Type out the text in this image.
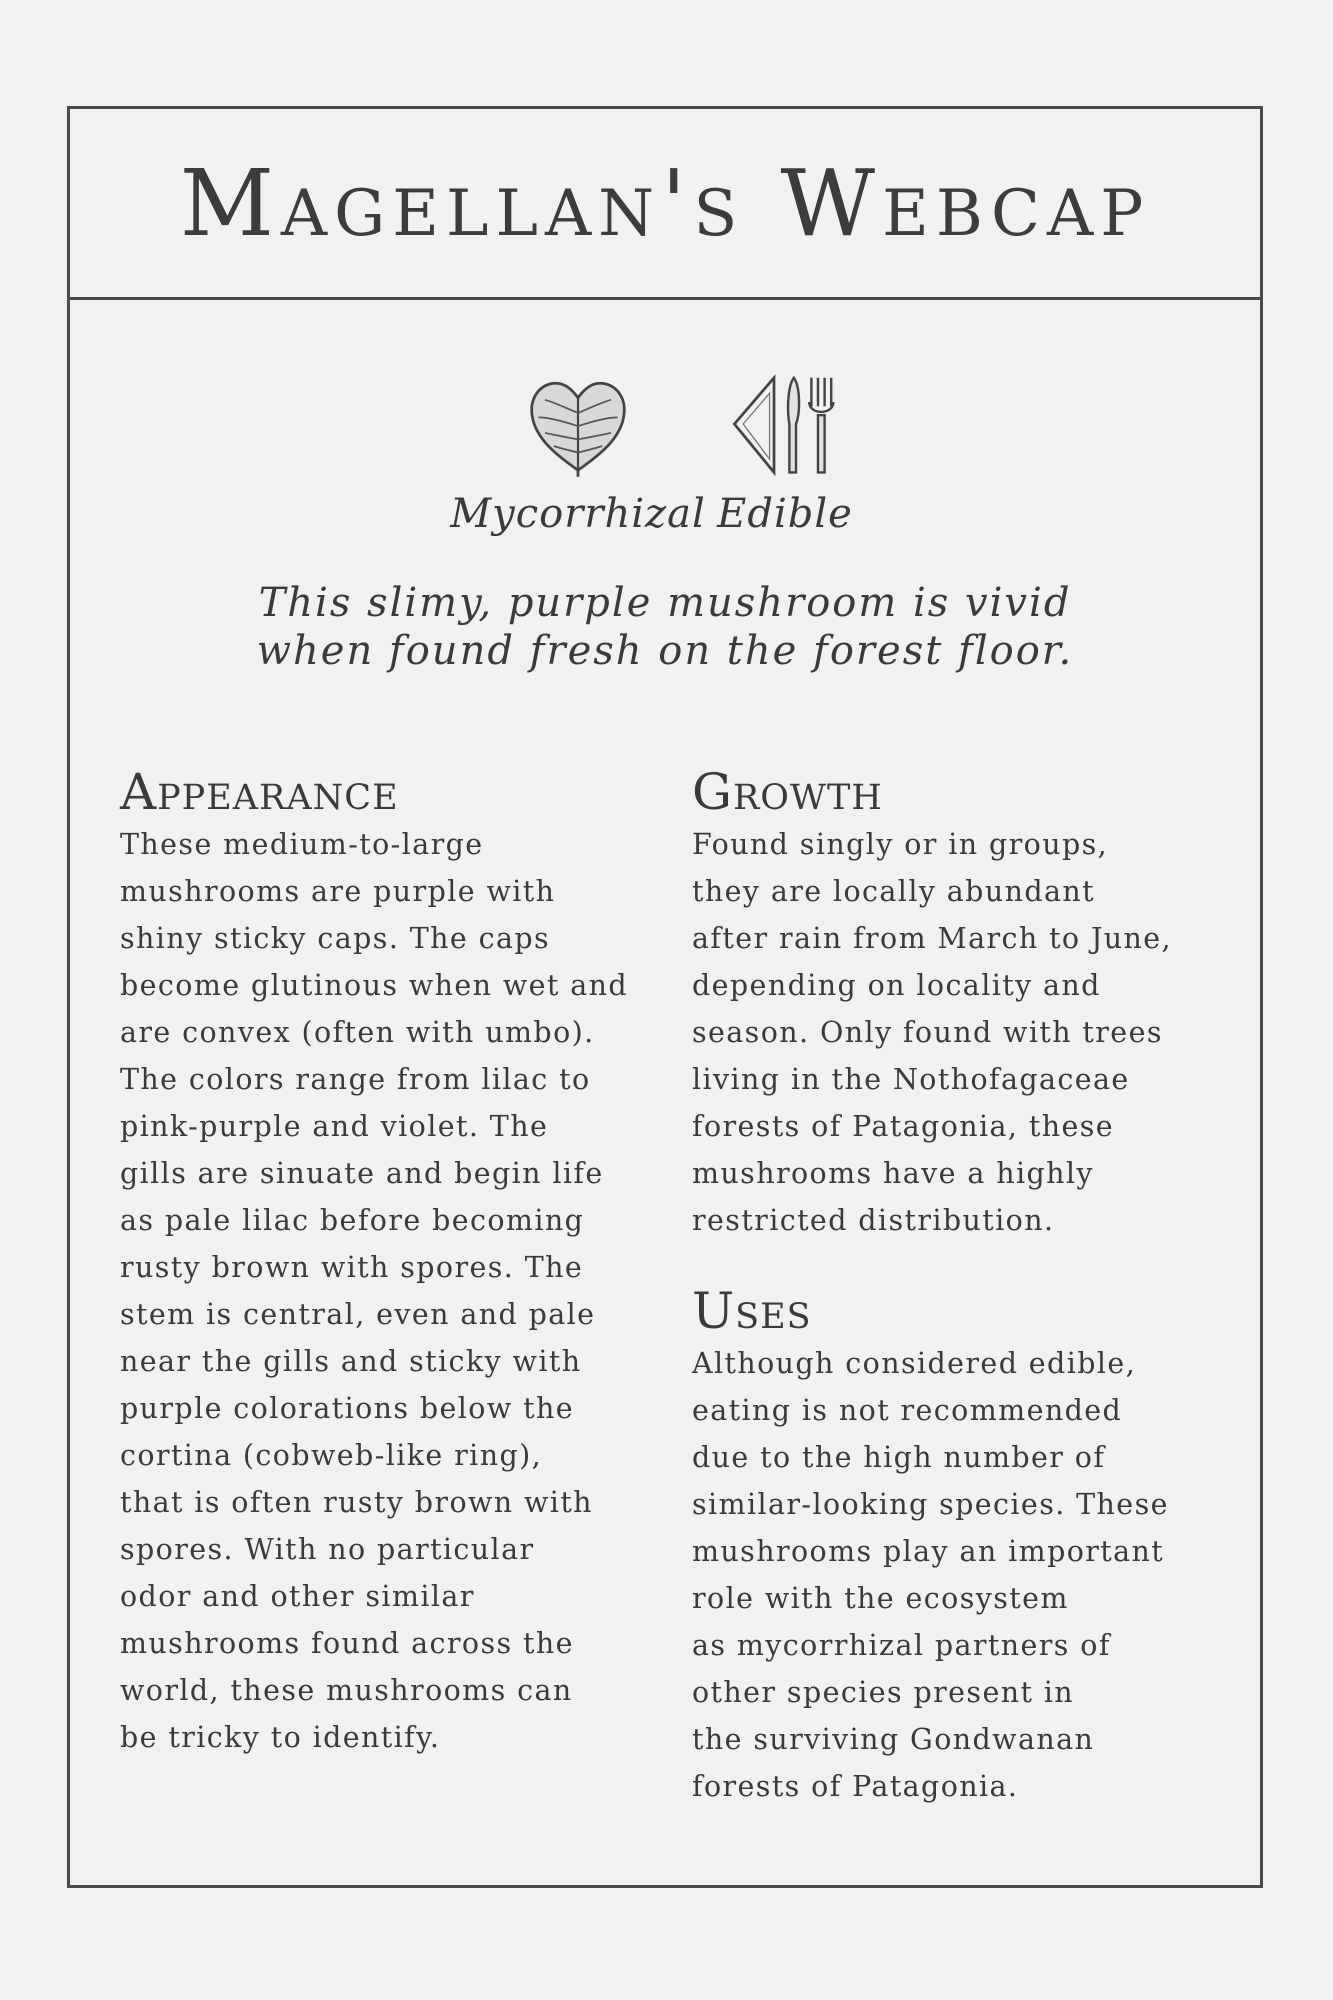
Magellan's Webcap
Mycorrhizal Edible
This slimy, purple mushroom is vivid
when found fresh on the forest floor.
Appearance

These medium-to-large
mushrooms are purple with
shiny sticky caps. The caps
become glutinous when wet and
are convex (often with umbo).
The colors range from lilac to
pink-purple and violet. The
gills are sinuate and begin life
as pale lilac before becoming
rusty brown with spores. The
stem is central, even and pale
near the gills and sticky with
purple colorations below the
cortina (cobweb-like ring),
that is often rusty brown with
spores. With no particular
odor and other similar
mushrooms found across the
world, these mushrooms can
be tricky to identify.

Growth

Found singly or in groups,
they are locally abundant
after rain from March to June,
depending on locality and
season. Only found with trees
living in the Nothofagaceae
forests of Patagonia, these
mushrooms have a highly
restricted distribution.

Uses

Although considered edible,
eating is not recommended
due to the high number of
similar-looking species. These
mushrooms play an important
role with the ecosystem
as mycorrhizal partners of
other species present in
the surviving Gondwanan
forests of Patagonia.
